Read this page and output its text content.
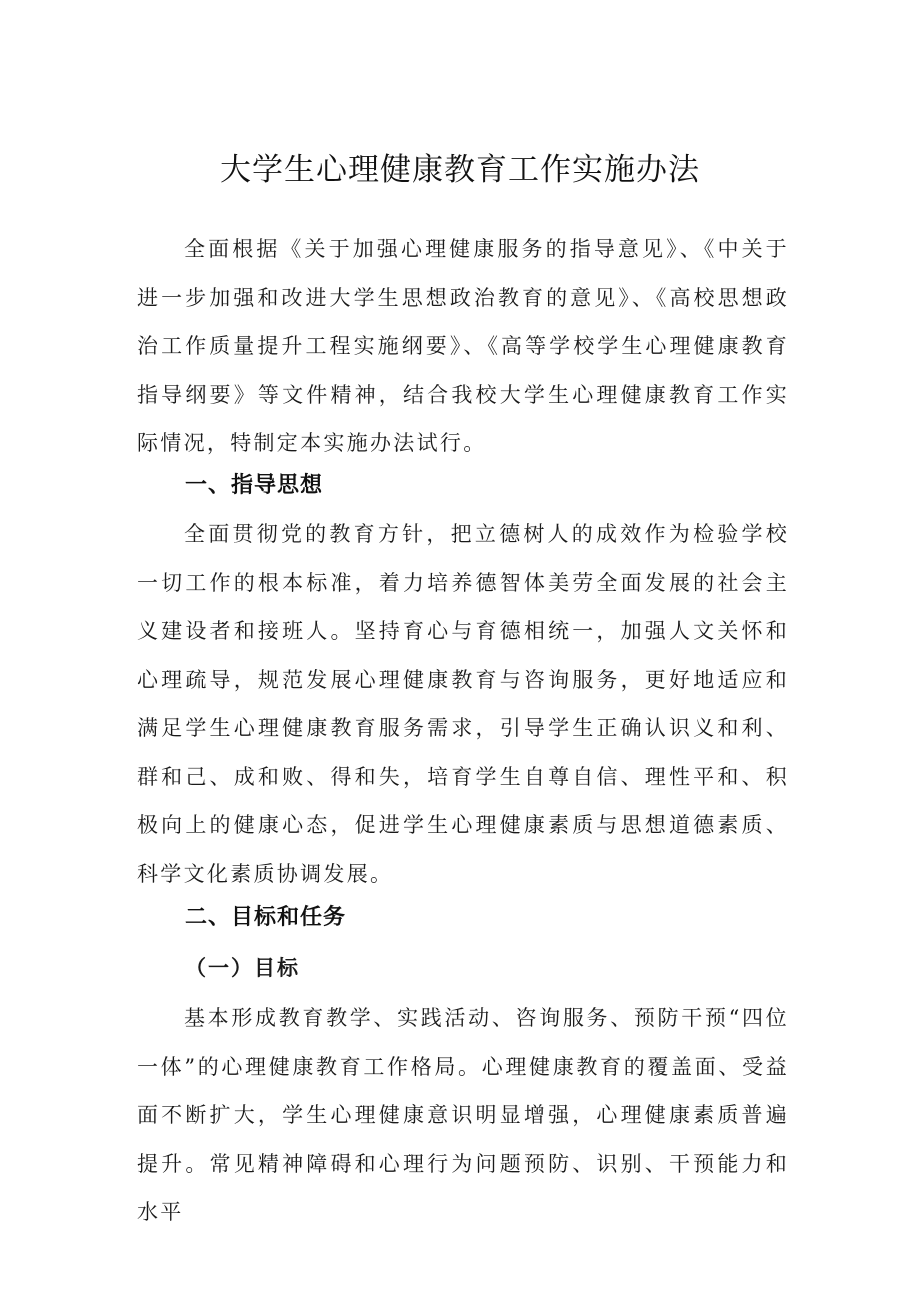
大学生心理健康教育工作实施办法

全面根据《关于加强心理健康服务的指导意见》、《中关于进一步加强和改进大学生思想政治教育的意见》、《高校思想政治工作质量提升工程实施纲要》、《高等学校学生心理健康教育指导纲要》等文件精神，结合我校大学生心理健康教育工作实际情况，特制定本实施办法试行。

一、指导思想

全面贯彻党的教育方针，把立德树人的成效作为检验学校一切工作的根本标准，着力培养德智体美劳全面发展的社会主义建设者和接班人。坚持育心与育德相统一，加强人文关怀和心理疏导，规范发展心理健康教育与咨询服务，更好地适应和满足学生心理健康教育服务需求，引导学生正确认识义和利、群和己、成和败、得和失，培育学生自尊自信、理性平和、积极向上的健康心态，促进学生心理健康素质与思想道德素质、科学文化素质协调发展。

二、目标和任务
（一）目标

基本形成教育教学、实践活动、咨询服务、预防干预“四位一体”的心理健康教育工作格局。心理健康教育的覆盖面、受益面不断扩大，学生心理健康意识明显增强，心理健康素质普遍提升。常见精神障碍和心理行为问题预防、识别、干预能力和水平
